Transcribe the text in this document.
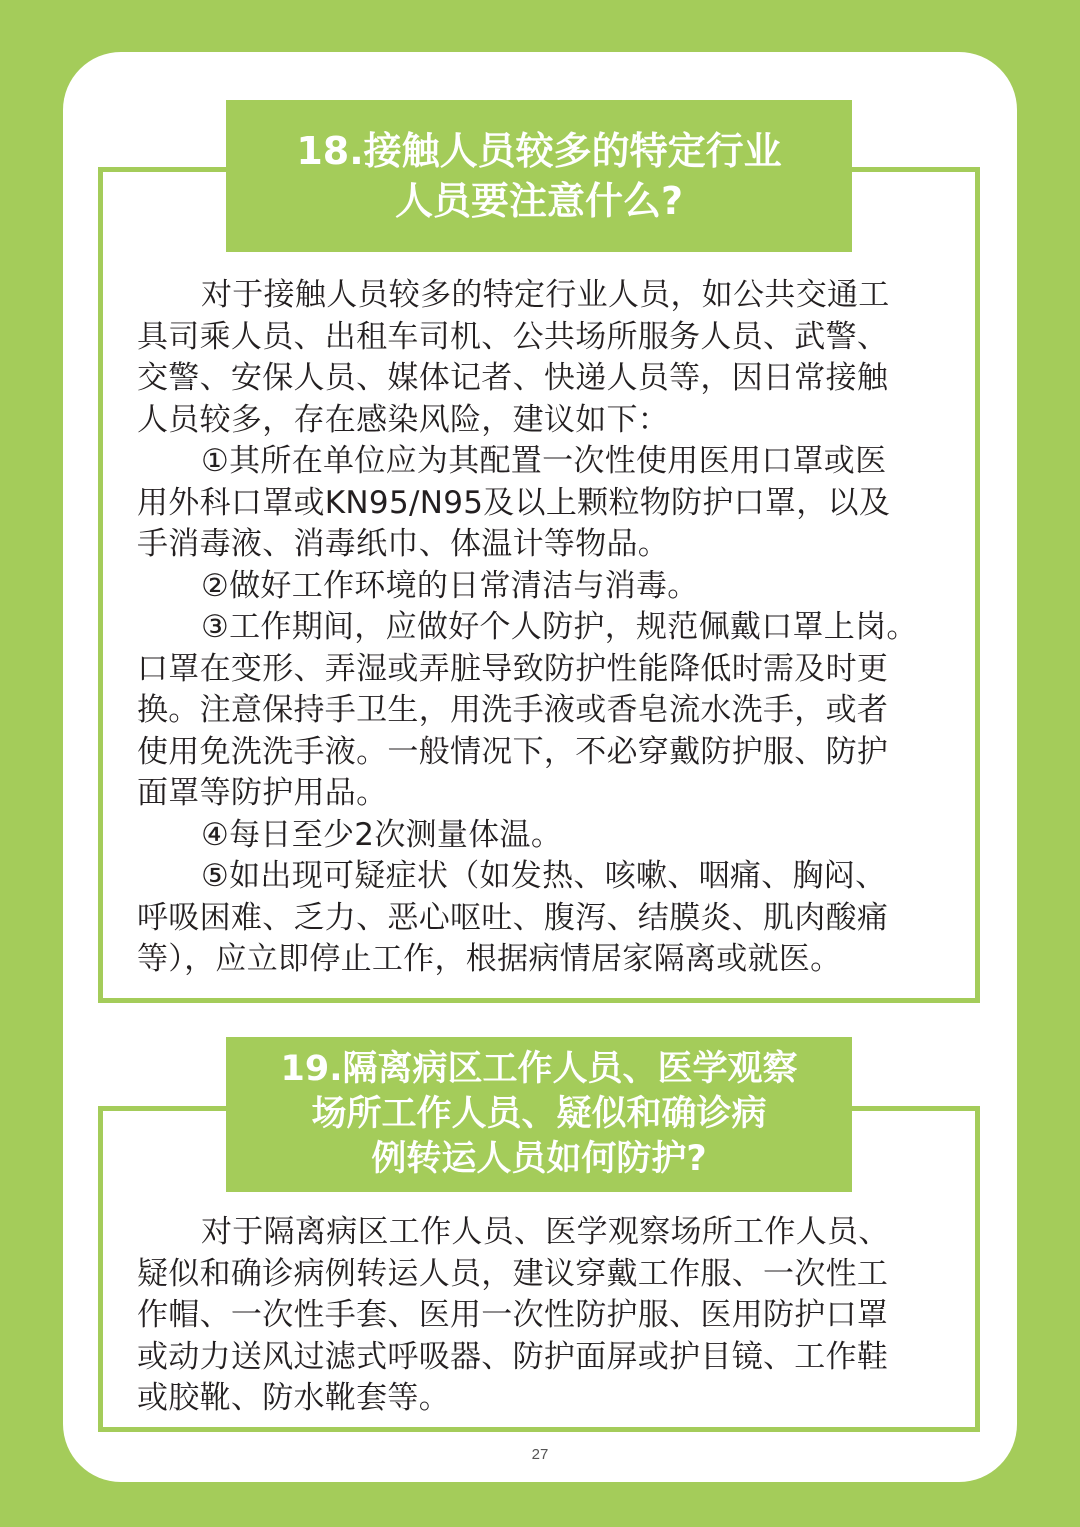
18.接触人员较多的特定行业
人员要注意什么?
对于接触人员较多的特定行业人员，如公共交通工
具司乘人员、出租车司机、公共场所服务人员、武警、
交警、安保人员、媒体记者、快递人员等，因日常接触
人员较多，存在感染风险，建议如下：
①其所在单位应为其配置一次性使用医用口罩或医
用外科口罩或KN95/N95及以上颗粒物防护口罩，以及
手消毒液、消毒纸巾、体温计等物品。
②做好工作环境的日常清洁与消毒。
③工作期间，应做好个人防护，规范佩戴口罩上岗。
口罩在变形、弄湿或弄脏导致防护性能降低时需及时更
换。注意保持手卫生，用洗手液或香皂流水洗手，或者
使用免洗洗手液。一般情况下，不必穿戴防护服、防护
面罩等防护用品。
④每日至少2次测量体温。
⑤如出现可疑症状（如发热、咳嗽、咽痛、胸闷、
呼吸困难、乏力、恶心呕吐、腹泻、结膜炎、肌肉酸痛
等），应立即停止工作，根据病情居家隔离或就医。
19.隔离病区工作人员、医学观察
场所工作人员、疑似和确诊病
例转运人员如何防护?
对于隔离病区工作人员、医学观察场所工作人员、
疑似和确诊病例转运人员，建议穿戴工作服、一次性工
作帽、一次性手套、医用一次性防护服、医用防护口罩
或动力送风过滤式呼吸器、防护面屏或护目镜、工作鞋
或胶靴、防水靴套等。
27
